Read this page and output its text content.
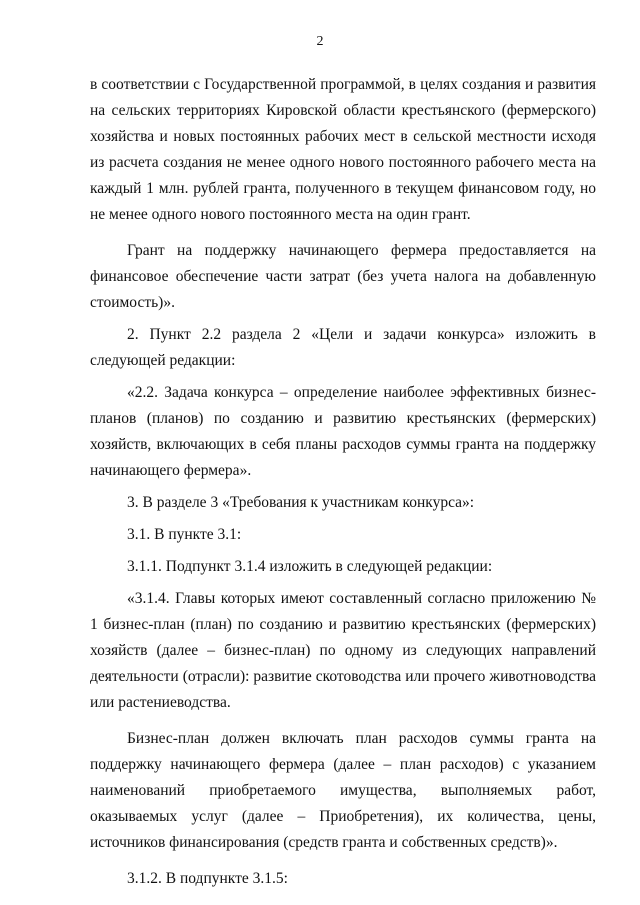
2

в соответствии с Государственной программой, в целях создания и развития на сельских территориях Кировской области крестьянского (фермерского) хозяйства и новых постоянных рабочих мест в сельской местности исходя из расчета создания не менее одного нового постоянного рабочего места на каждый 1 млн. рублей гранта, полученного в текущем финансовом году, но не менее одного нового постоянного места на один грант.

Грант на поддержку начинающего фермера предоставляется на финансовое обеспечение части затрат (без учета налога на добавленную стоимость)».

2. Пункт 2.2 раздела 2 «Цели и задачи конкурса» изложить в следующей редакции:

«2.2. Задача конкурса – определение наиболее эффективных бизнес-планов (планов) по созданию и развитию крестьянских (фермерских) хозяйств, включающих в себя планы расходов суммы гранта на поддержку начинающего фермера».

3. В разделе 3 «Требования к участникам конкурса»:

3.1. В пункте 3.1:

3.1.1. Подпункт 3.1.4 изложить в следующей редакции:

«3.1.4. Главы которых имеют составленный согласно приложению № 1 бизнес-план (план) по созданию и развитию крестьянских (фермерских) хозяйств (далее – бизнес-план) по одному из следующих направлений деятельности (отрасли): развитие скотоводства или прочего животноводства или растениеводства.

Бизнес-план должен включать план расходов суммы гранта на поддержку начинающего фермера (далее – план расходов) с указанием наименований приобретаемого имущества, выполняемых работ, оказываемых услуг (далее – Приобретения), их количества, цены, источников финансирования (средств гранта и собственных средств)».

3.1.2. В подпункте 3.1.5:
